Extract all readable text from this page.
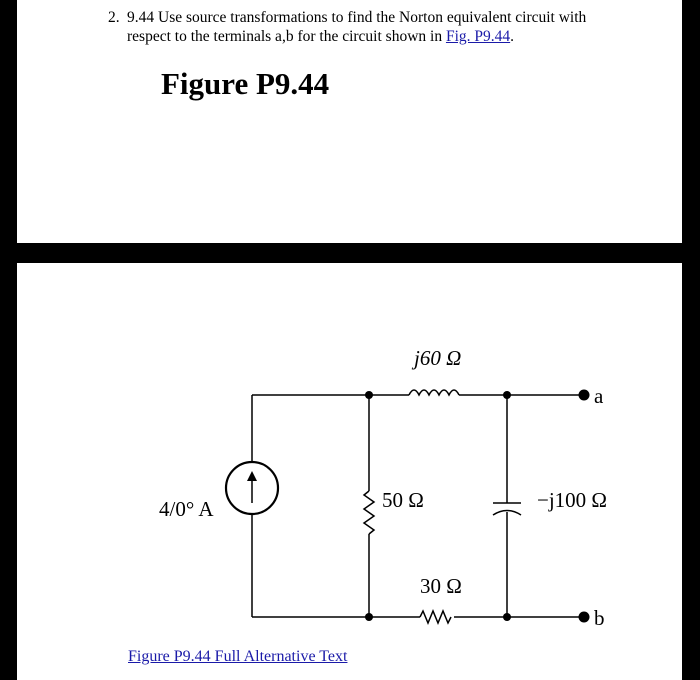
2. 9.44 Use source transformations to find the Norton equivalent circuit with respect to the terminals a,b for the circuit shown in Fig. P9.44.
Figure P9.44
j60 Ω
4/0° A	50 Ω	−j100 Ω
30 Ω
a
b
Figure P9.44 Full Alternative Text
